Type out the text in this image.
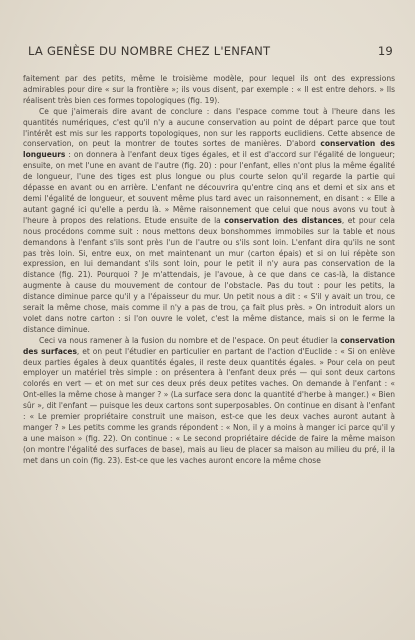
LA GENÈSE DU NOMBRE CHEZ L'ENFANT	19

faitement par des petits, même le troisième modèle, pour lequel ils ont des expressions admirables pour dire « sur la frontière »; ils vous disent, par exemple : « Il est entre dehors. » Ils réalisent très bien ces formes topologiques (fig. 19).

Ce que j'aimerais dire avant de conclure : dans l'espace comme tout à l'heure dans les quantités numériques, c'est qu'il n'y a aucune conservation au point de départ parce que tout l'intérêt est mis sur les rapports topologiques, non sur les rapports euclidiens. Cette absence de conservation, on peut la montrer de toutes sortes de manières. D'abord conservation des longueurs : on donnera à l'enfant deux tiges égales, et il est d'accord sur l'égalité de longueur; ensuite, on met l'une en avant de l'autre (fig. 20) : pour l'enfant, elles n'ont plus la même égalité de longueur, l'une des tiges est plus longue ou plus courte selon qu'il regarde la partie qui dépasse en avant ou en arrière. L'enfant ne découvrira qu'entre cinq ans et demi et six ans et demi l'égalité de longueur, et souvent même plus tard avec un raisonnement, en disant : « Elle a autant gagné ici qu'elle a perdu là. » Même raisonnement que celui que nous avons vu tout à l'heure à propos des relations. Etude ensuite de la conservation des distances, et pour cela nous procédons comme suit : nous mettons deux bonshommes immobiles sur la table et nous demandons à l'enfant s'ils sont près l'un de l'autre ou s'ils sont loin. L'enfant dira qu'ils ne sont pas très loin. Si, entre eux, on met maintenant un mur (carton épais) et si on lui répète son expression, en lui demandant s'ils sont loin, pour le petit il n'y aura pas conservation de la distance (fig. 21). Pourquoi ? Je m'attendais, je l'avoue, à ce que dans ce cas-là, la distance augmente à cause du mouvement de contour de l'obstacle. Pas du tout : pour les petits, la distance diminue parce qu'il y a l'épaisseur du mur. Un petit nous a dit : « S'il y avait un trou, ce serait la même chose, mais comme il n'y a pas de trou, ça fait plus près. » On introduit alors un volet dans notre carton : si l'on ouvre le volet, c'est la même distance, mais si on le ferme la distance diminue.

Ceci va nous ramener à la fusion du nombre et de l'espace. On peut étudier la conservation des surfaces, et on peut l'étudier en particulier en partant de l'action d'Euclide : « Si on enlève deux parties égales à deux quantités égales, il reste deux quantités égales. » Pour cela on peut employer un matériel très simple : on présentera à l'enfant deux prés — qui sont deux cartons colorés en vert — et on met sur ces deux prés deux petites vaches. On demande à l'enfant : « Ont-elles la même chose à manger ? » (La surface sera donc la quantité d'herbe à manger.) « Bien sûr », dit l'enfant — puisque les deux cartons sont superposables. On continue en disant à l'enfant : « Le premier propriétaire construit une maison, est-ce que les deux vaches auront autant à manger ? » Les petits comme les grands répondent : « Non, il y a moins à manger ici parce qu'il y a une maison » (fig. 22). On continue : « Le second propriétaire décide de faire la même maison (on montre l'égalité des surfaces de base), mais au lieu de placer sa maison au milieu du pré, il la met dans un coin (fig. 23). Est-ce que les vaches auront encore la même chose
